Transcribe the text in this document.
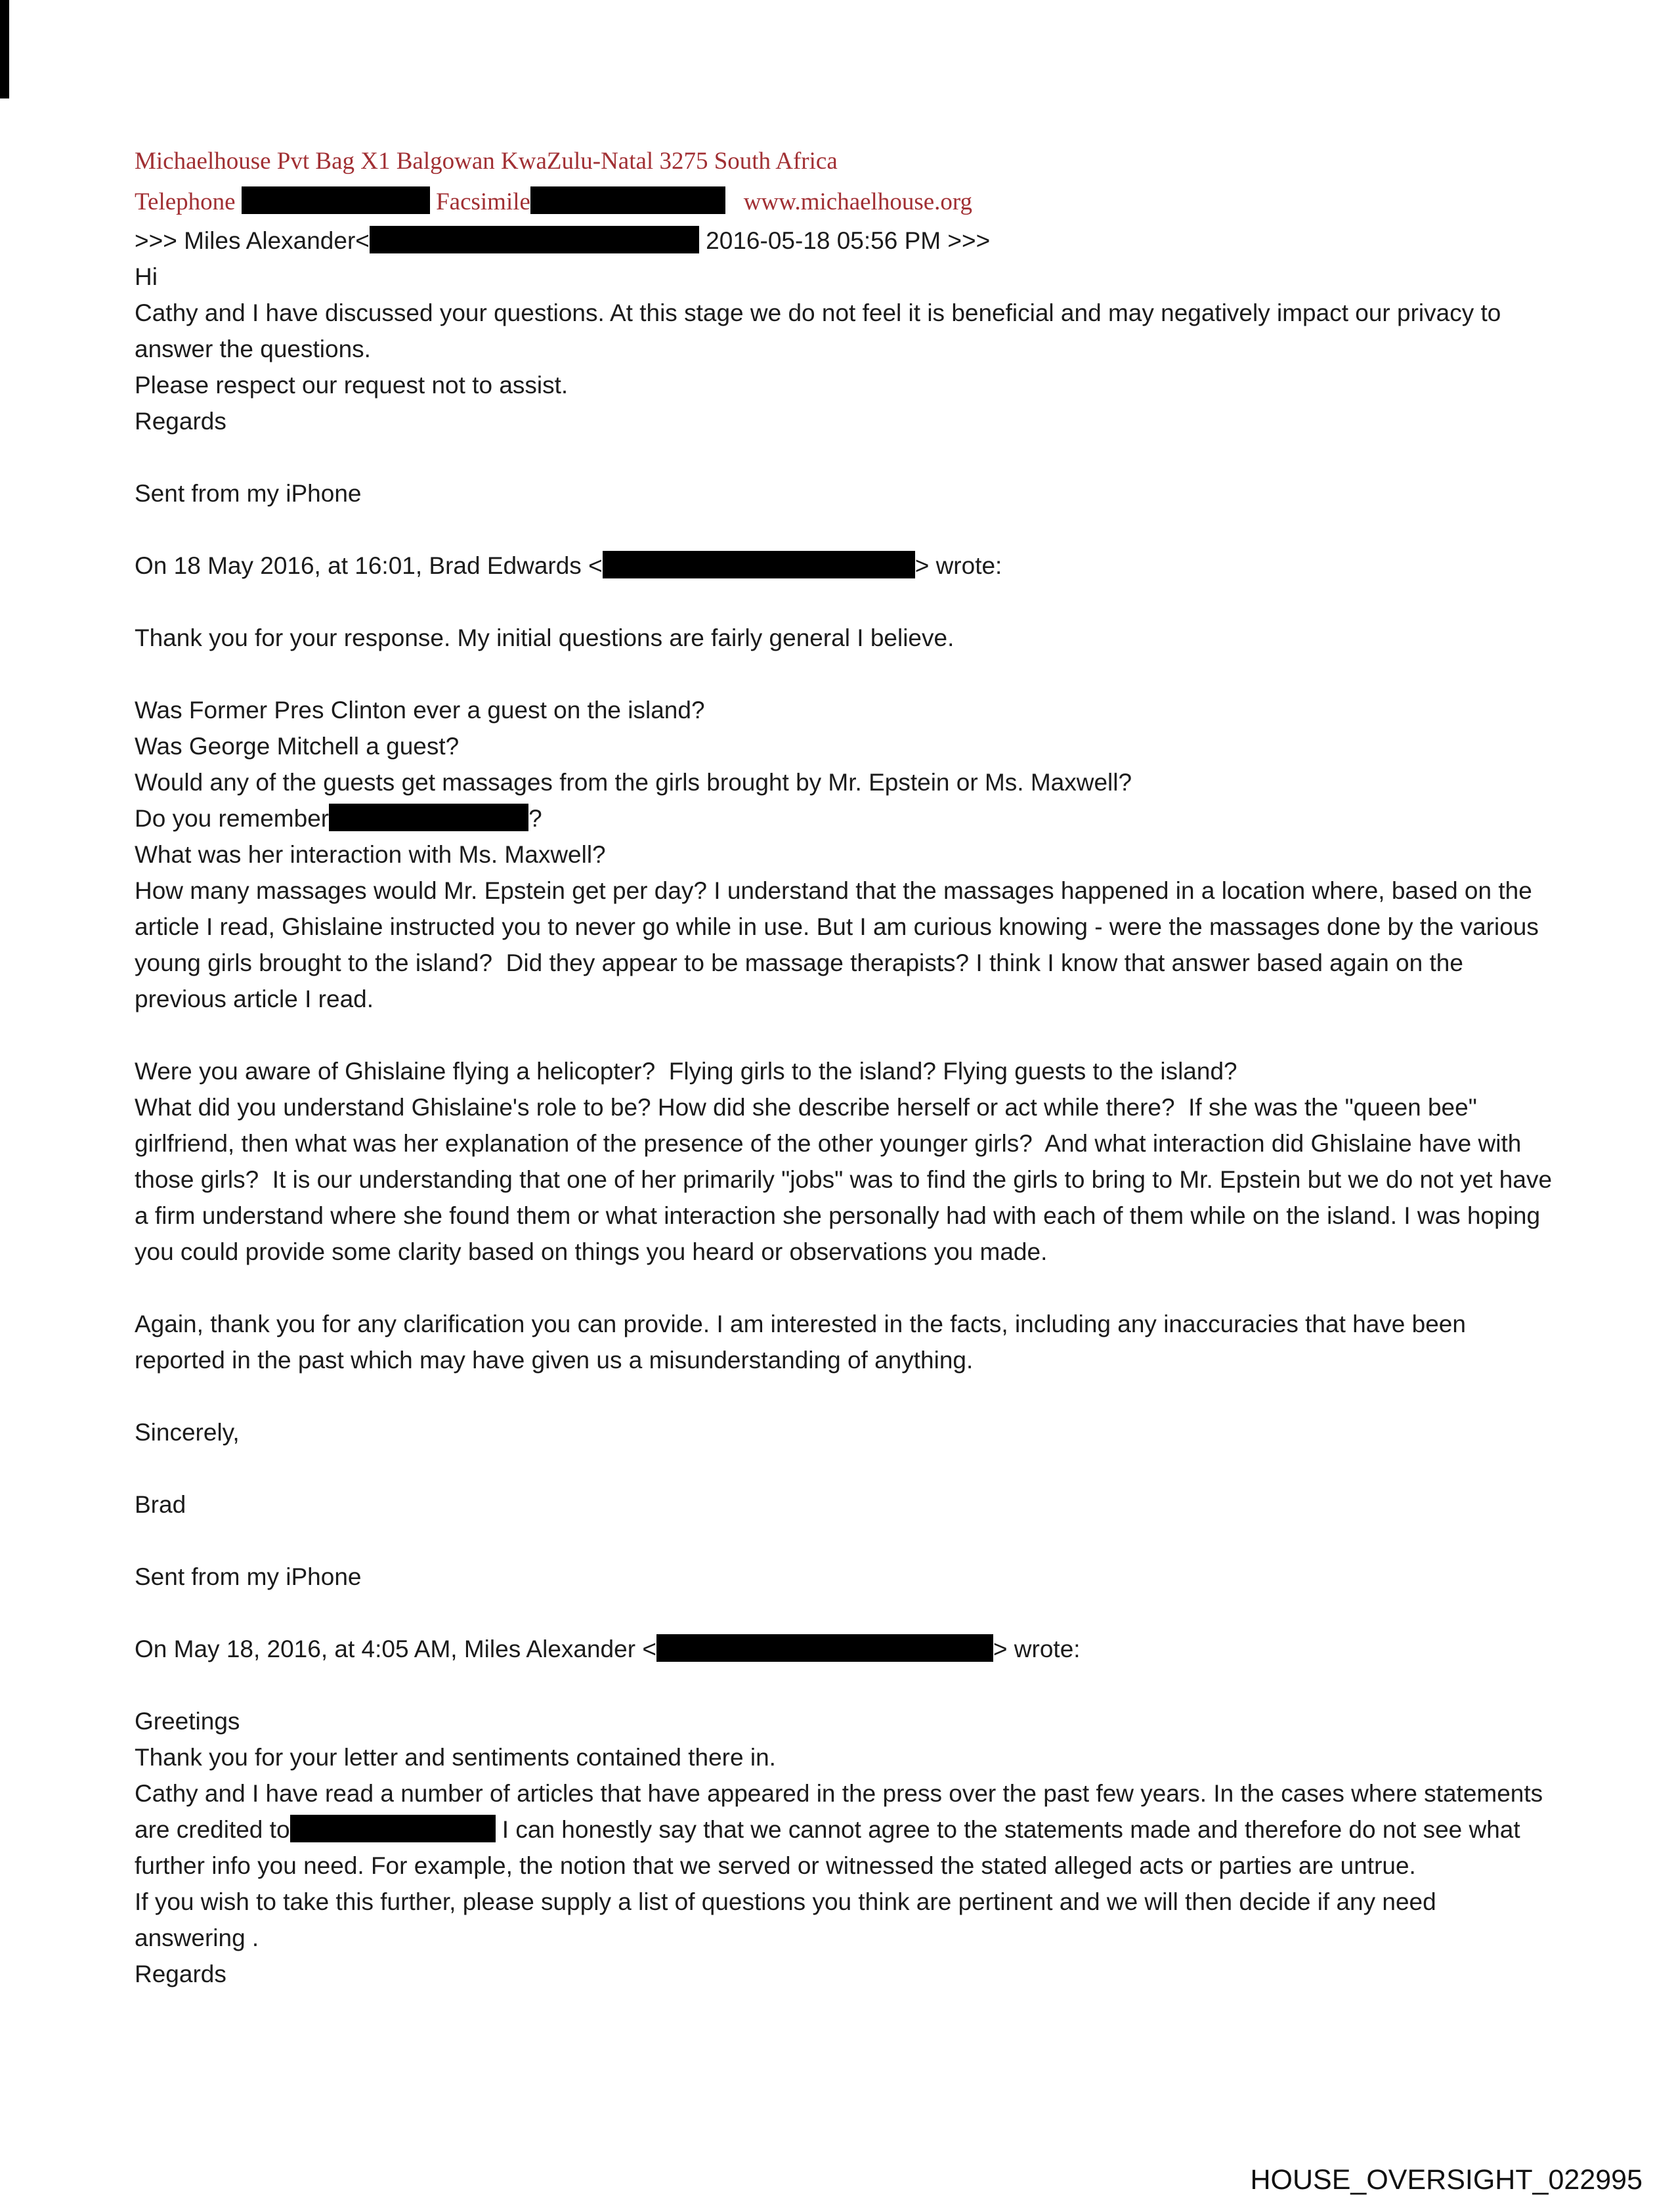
Michaelhouse Pvt Bag X1 Balgowan KwaZulu-Natal 3275 South Africa
Telephone	Facsimile	www.michaelhouse.org
>>> Miles Alexander<	2016-05-18 05:56 PM >>>
Hi
Cathy and I have discussed your questions. At this stage we do not feel it is beneficial and may negatively impact our privacy to answer the questions.
Please respect our request not to assist.
Regards
Sent from my iPhone
On 18 May 2016, at 16:01, Brad Edwards <	> wrote:
Thank you for your response. My initial questions are fairly general I believe.
Was Former Pres Clinton ever a guest on the island?
Was George Mitchell a guest?
Would any of the guests get massages from the girls brought by Mr. Epstein or Ms. Maxwell?
Do you remember	?
What was her interaction with Ms. Maxwell?
How many massages would Mr. Epstein get per day? I understand that the massages happened in a location where, based on the article I read, Ghislaine instructed you to never go while in use. But I am curious knowing - were the massages done by the various young girls brought to the island?  Did they appear to be massage therapists? I think I know that answer based again on the previous article I read.
Were you aware of Ghislaine flying a helicopter?  Flying girls to the island? Flying guests to the island?
What did you understand Ghislaine's role to be? How did she describe herself or act while there?  If she was the "queen bee" girlfriend, then what was her explanation of the presence of the other younger girls?  And what interaction did Ghislaine have with those girls?  It is our understanding that one of her primarily "jobs" was to find the girls to bring to Mr. Epstein but we do not yet have a firm understand where she found them or what interaction she personally had with each of them while on the island. I was hoping you could provide some clarity based on things you heard or observations you made.
Again, thank you for any clarification you can provide. I am interested in the facts, including any inaccuracies that have been reported in the past which may have given us a misunderstanding of anything.
Sincerely,
Brad
Sent from my iPhone
On May 18, 2016, at 4:05 AM, Miles Alexander <	> wrote:
Greetings
Thank you for your letter and sentiments contained there in.
Cathy and I have read a number of articles that have appeared in the press over the past few years. In the cases where statements are credited to	I can honestly say that we cannot agree to the statements made and therefore do not see what further info you need. For example, the notion that we served or witnessed the stated alleged acts or parties are untrue.
If you wish to take this further, please supply a list of questions you think are pertinent and we will then decide if any need answering .
Regards
HOUSE_OVERSIGHT_022995
